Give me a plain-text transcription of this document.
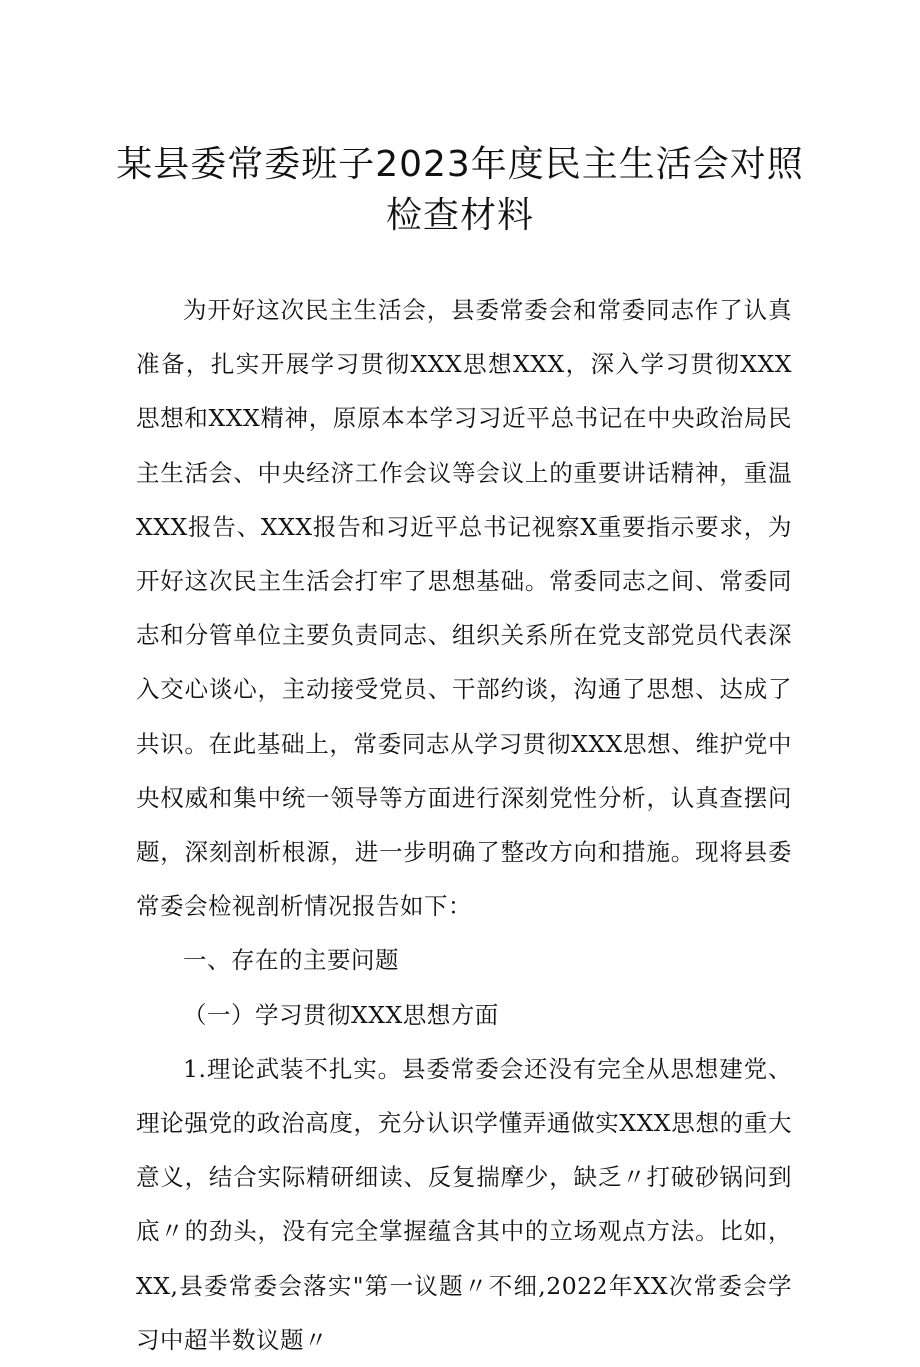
某县委常委班子2023年度民主生活会对照
检查材料

为开好这次民主生活会，县委常委会和常委同志作了认真准备，扎实开展学习贯彻XXX思想XXX，深入学习贯彻XXX思想和XXX精神，原原本本学习习近平总书记在中央政治局民主生活会、中央经济工作会议等会议上的重要讲话精神，重温XXX报告、XXX报告和习近平总书记视察X重要指示要求，为开好这次民主生活会打牢了思想基础。常委同志之间、常委同志和分管单位主要负责同志、组织关系所在党支部党员代表深入交心谈心，主动接受党员、干部约谈，沟通了思想、达成了共识。在此基础上，常委同志从学习贯彻XXX思想、维护党中央权威和集中统一领导等方面进行深刻党性分析，认真查摆问题，深刻剖析根源，进一步明确了整改方向和措施。现将县委常委会检视剖析情况报告如下：

一、存在的主要问题

（一）学习贯彻XXX思想方面

1.理论武装不扎实。县委常委会还没有完全从思想建党、理论强党的政治高度，充分认识学懂弄通做实XXX思想的重大意义，结合实际精研细读、反复揣摩少，缺乏〃打破砂锅问到底〃的劲头，没有完全掌握蕴含其中的立场观点方法。比如，XX,县委常委会落实"第一议题〃不细,2022年XX次常委会学习中超半数议题〃
